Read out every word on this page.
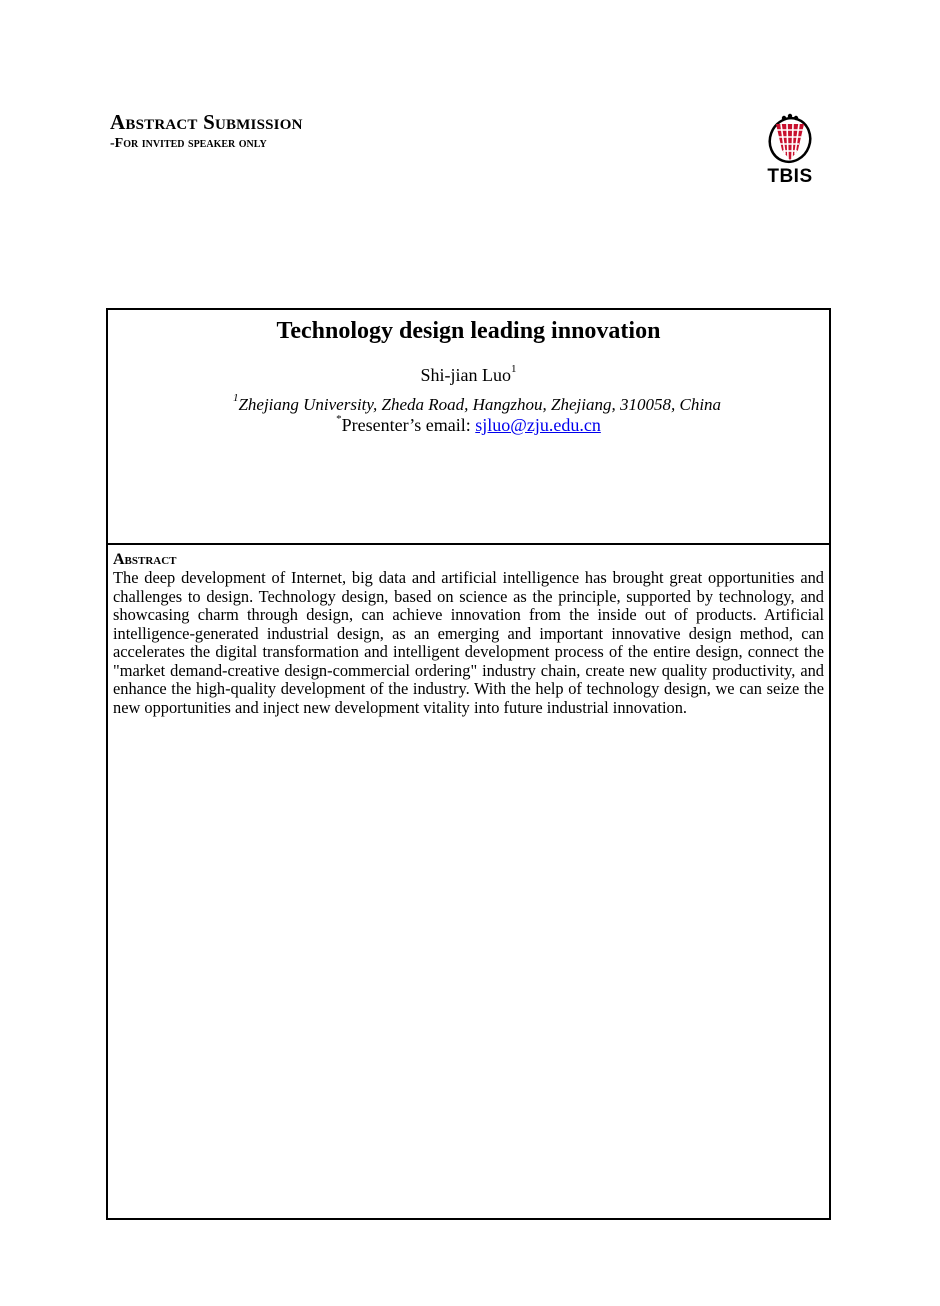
Abstract Submission
-For invited speaker only
TBIS
Technology design leading innovation
Shi-jian Luo$^1$
$^1$Zhejiang University, Zhedа Road, Hangzhou, Zhejiang, 310058, China
*Presenter’s email: sjluo@zju.edu.cn
Abstract
The deep development of Internet, big data and artificial intelligence has brought great opportunities and challenges to design. Technology design, based on science as the principle, supported by technology, and showcasing charm through design, can achieve innovation from the inside out of products. Artificial intelligence-generated industrial design, as an emerging and important innovative design method, can accelerates the digital transformation and intelligent development process of the entire design, connect the "market demand-creative design-commercial ordering" industry chain, create new quality productivity, and enhance the high-quality development of the industry. With the help of technology design, we can seize the new opportunities and inject new development vitality into future industrial innovation.
